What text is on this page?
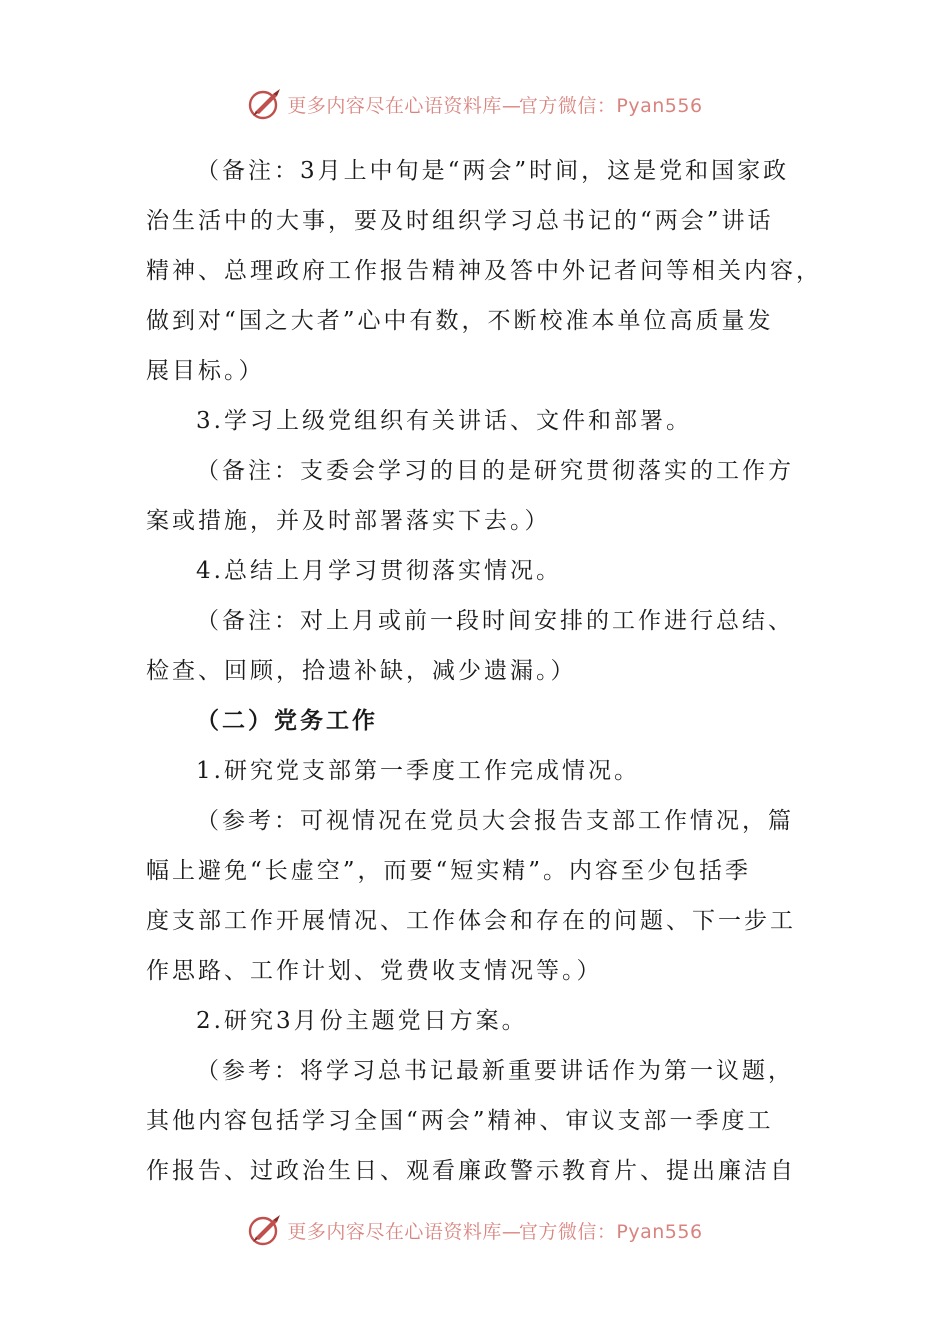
更多内容尽在心语资料库—官方微信：Pyan556

（备注：3月上中旬是“两会”时间，这是党和国家政

治生活中的大事，要及时组织学习总书记的“两会”讲话

精神、总理政府工作报告精神及答中外记者问等相关内容，

做到对“国之大者”心中有数，不断校准本单位高质量发

展目标。）

3.学习上级党组织有关讲话、文件和部署。

（备注：支委会学习的目的是研究贯彻落实的工作方

案或措施，并及时部署落实下去。）

4.总结上月学习贯彻落实情况。

（备注：对上月或前一段时间安排的工作进行总结、

检查、回顾，拾遗补缺，减少遗漏。）

（二）党务工作

1.研究党支部第一季度工作完成情况。

（参考：可视情况在党员大会报告支部工作情况，篇

幅上避免“长虚空”，而要“短实精”。内容至少包括季

度支部工作开展情况、工作体会和存在的问题、下一步工

作思路、工作计划、党费收支情况等。）

2.研究3月份主题党日方案。

（参考：将学习总书记最新重要讲话作为第一议题，

其他内容包括学习全国“两会”精神、审议支部一季度工

作报告、过政治生日、观看廉政警示教育片、提出廉洁自

更多内容尽在心语资料库—官方微信：Pyan556
